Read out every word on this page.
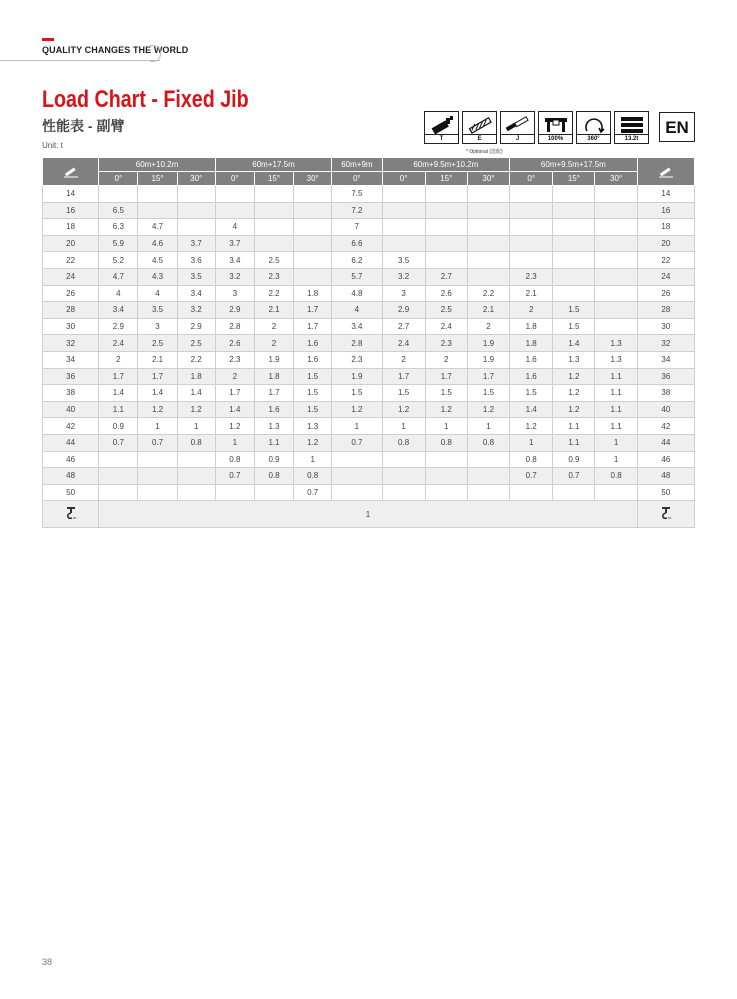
QUALITY CHANGES THE WORLD
Load Chart - Fixed Jib
性能表 - 副臂
Unit: t
T	E	J	100%	360°	13.2t
* Optional (选配)
EN
	60m+10.2m			60m+17.5m			60m+9m	60m+9.5m+10.2m			60m+9.5m+17.5m	
	0°	15°	30°	0°	15°	30°	0°	0°	15°	30°	0°	15°	30°	
14							7.5							14
16	6.5						7.2							16
18	6.3	4.7		4			7							18
20	5.9	4.6	3.7	3.7			6.6							20
22	5.2	4.5	3.6	3.4	2.5		6.2	3.5						22
24	4.7	4.3	3.5	3.2	2.3		5.7	3.2	2.7		2.3			24
26	4	4	3.4	3	2.2	1.8	4.8	3	2.6	2.2	2.1			26
28	3.4	3.5	3.2	2.9	2.1	1.7	4	2.9	2.5	2.1	2	1.5		28
30	2.9	3	2.9	2.8	2	1.7	3.4	2.7	2.4	2	1.8	1.5		30
32	2.4	2.5	2.5	2.6	2	1.6	2.8	2.4	2.3	1.9	1.8	1.4	1.3	32
34	2	2.1	2.2	2.3	1.9	1.6	2.3	2	2	1.9	1.6	1.3	1.3	34
36	1.7	1.7	1.8	2	1.8	1.5	1.9	1.7	1.7	1.7	1.6	1.2	1.1	36
38	1.4	1.4	1.4	1.7	1.7	1.5	1.5	1.5	1.5	1.5	1.5	1.2	1.1	38
40	1.1	1.2	1.2	1.4	1.6	1.5	1.2	1.2	1.2	1.2	1.4	1.2	1.1	40
42	0.9	1	1	1.2	1.3	1.3	1	1	1	1	1.2	1.1	1.1	42
44	0.7	0.7	0.8	1	1.1	1.2	0.7	0.8	0.8	0.8	1	1.1	1	44
46				0.8	0.9	1					0.8	0.9	1	46
48				0.7	0.8	0.8					0.7	0.7	0.8	48
50						0.7								50

m	1													m
38
